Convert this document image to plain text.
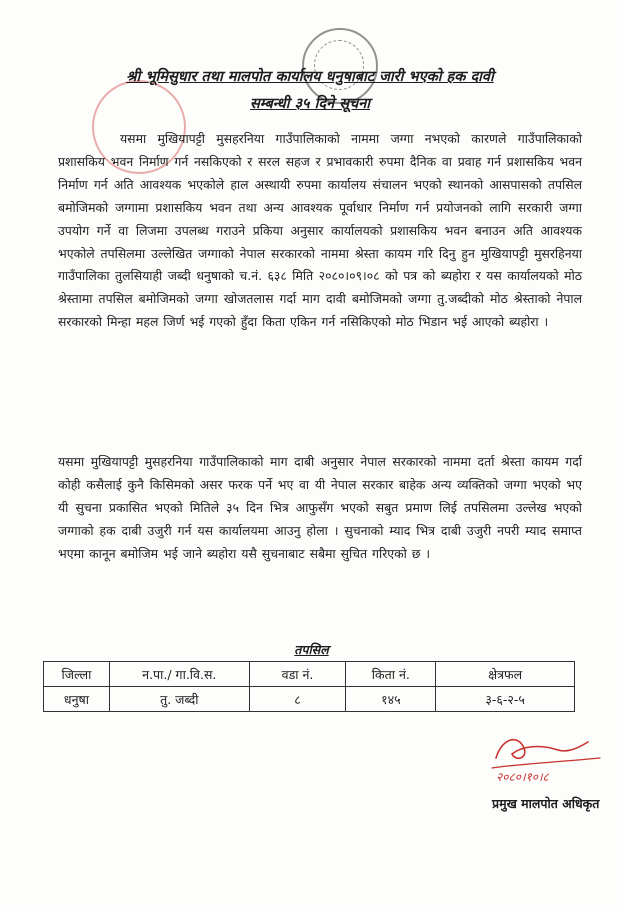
श्री भूमिसुधार तथा मालपोत कार्यालय धनुषाबाट जारी भएको हक दावी
सम्बन्धी ३५ दिने सूचना
यसमा मुखियापट्टी मुसहरनिया गाउँपालिकाको नाममा जग्गा नभएको कारणले गाउँपालिकाको प्रशासकिय भवन निर्माण गर्न नसकिएको र सरल सहज र प्रभावकारी रुपमा दैनिक वा प्रवाह गर्न प्रशासकिय भवन निर्माण गर्न अति आवश्यक भएकोले हाल अस्थायी रुपमा कार्यालय संचालन भएको स्थानको आसपासको तपसिल बमोजिमको जग्गामा प्रशासकिय भवन तथा अन्य आवश्यक पूर्वाधार निर्माण गर्न प्रयोजनको लागि सरकारी जग्गा उपयोग गर्ने वा लिजमा उपलब्ध गराउने प्रकिया अनुसार कार्यालयको प्रशासकिय भवन बनाउन अति आवश्यक भएकोले तपसिलमा उल्लेखित जग्गाको नेपाल सरकारको नाममा श्रेस्ता कायम गरि दिनु हुन मुखियापट्टी मुसरहिनया गाउँपालिका तुलसियाही जब्दी धनुषाको च.नं. ६३८ मिति २०८०।०९।०८ को पत्र को ब्यहोरा र यस कार्यालयको मोठ श्रेस्तामा तपसिल बमोजिमको जग्गा खोजतलास गर्दा माग दावी बमोजिमको जग्गा तु.जब्दीको मोठ श्रेस्ताको नेपाल सरकारको मिन्हा महल जिर्ण भई गएको हुँदा किता एकिन गर्न नसिकिएको मोठ भिडान भई आएको ब्यहोरा ।
यसमा मुखियापट्टी मुसहरनिया गाउँपालिकाको माग दाबी अनुसार नेपाल सरकारको नाममा दर्ता श्रेस्ता कायम गर्दा कोही कसैलाई कुनै किसिमको असर फरक पर्ने भए वा यी नेपाल सरकार बाहेक अन्य व्यक्तिको जग्गा भएको भए यी सुचना प्रकासित भएको मितिले ३५ दिन भित्र आफुसँग भएको सबुत प्रमाण लिई तपसिलमा उल्लेख भएको जग्गाको हक दाबी उजुरी गर्न यस कार्यालयमा आउनु होला । सुचनाको म्याद भित्र दाबी उजुरी नपरी म्याद समाप्त भएमा कानून बमोजिम भई जाने ब्यहोरा यसै सुचनाबाट सबैमा सुचित गरिएको छ ।
तपसिल
जिल्ला	न.पा./ गा.वि.स.	वडा नं.	किता नं.	क्षेत्रफल
धनुषा	तु. जब्दी	८	१४५	३-६-२-५
२०८०।१०।८
प्रमुख मालपोत अधिकृत
